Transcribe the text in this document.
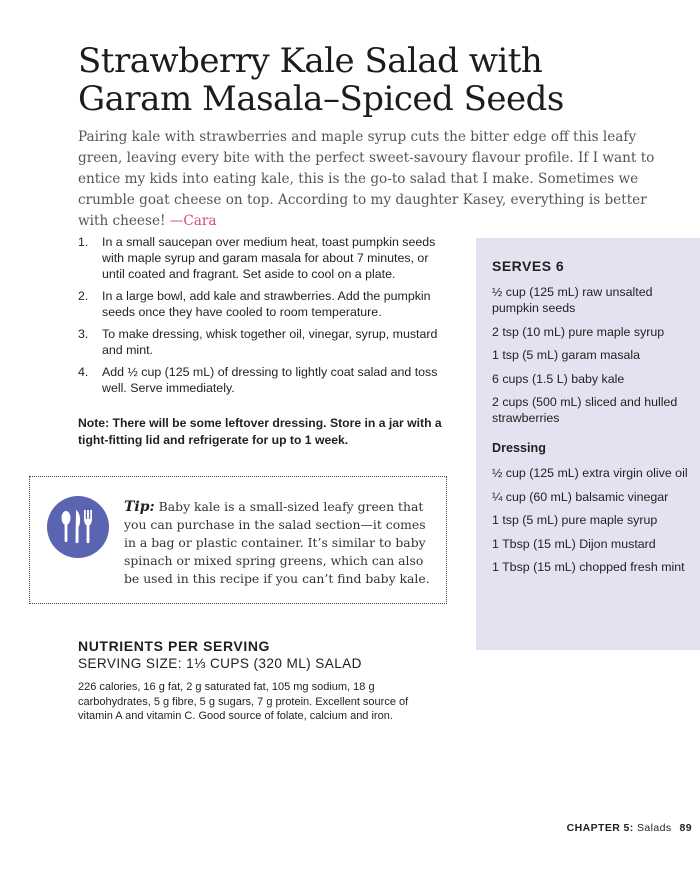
Strawberry Kale Salad with
Garam Masala–Spiced Seeds

Pairing kale with strawberries and maple syrup cuts the bitter edge off this leafy green, leaving every bite with the perfect sweet-savoury flavour profile. If I want to entice my kids into eating kale, this is the go-to salad that I make. Sometimes we crumble goat cheese on top. According to my daughter Kasey, everything is better with cheese! —Cara

1. In a small saucepan over medium heat, toast pumpkin seeds with maple syrup and garam masala for about 7 minutes, or until coated and fragrant. Set aside to cool on a plate.
2. In a large bowl, add kale and strawberries. Add the pumpkin seeds once they have cooled to room temperature.
3. To make dressing, whisk together oil, vinegar, syrup, mustard and mint.
4. Add ½ cup (125 mL) of dressing to lightly coat salad and toss well. Serve immediately.

Note: There will be some leftover dressing. Store in a jar with a tight-fitting lid and refrigerate for up to 1 week.

Tip: Baby kale is a small-sized leafy green that you can purchase in the salad section—it comes in a bag or plastic container. It’s similar to baby spinach or mixed spring greens, which can also be used in this recipe if you can’t find baby kale.

SERVES 6
½ cup (125 mL) raw unsalted pumpkin seeds
2 tsp (10 mL) pure maple syrup
1 tsp (5 mL) garam masala
6 cups (1.5 L) baby kale
2 cups (500 mL) sliced and hulled strawberries
Dressing
½ cup (125 mL) extra virgin olive oil
¼ cup (60 mL) balsamic vinegar
1 tsp (5 mL) pure maple syrup
1 Tbsp (15 mL) Dijon mustard
1 Tbsp (15 mL) chopped fresh mint
NUTRIENTS PER SERVING
SERVING SIZE: 1⅓ CUPS (320 ML) SALAD

226 calories, 16 g fat, 2 g saturated fat, 105 mg sodium, 18 g carbohydrates, 5 g fibre, 5 g sugars, 7 g protein. Excellent source of vitamin A and vitamin C. Good source of folate, calcium and iron.

CHAPTER 5: Salads 89
